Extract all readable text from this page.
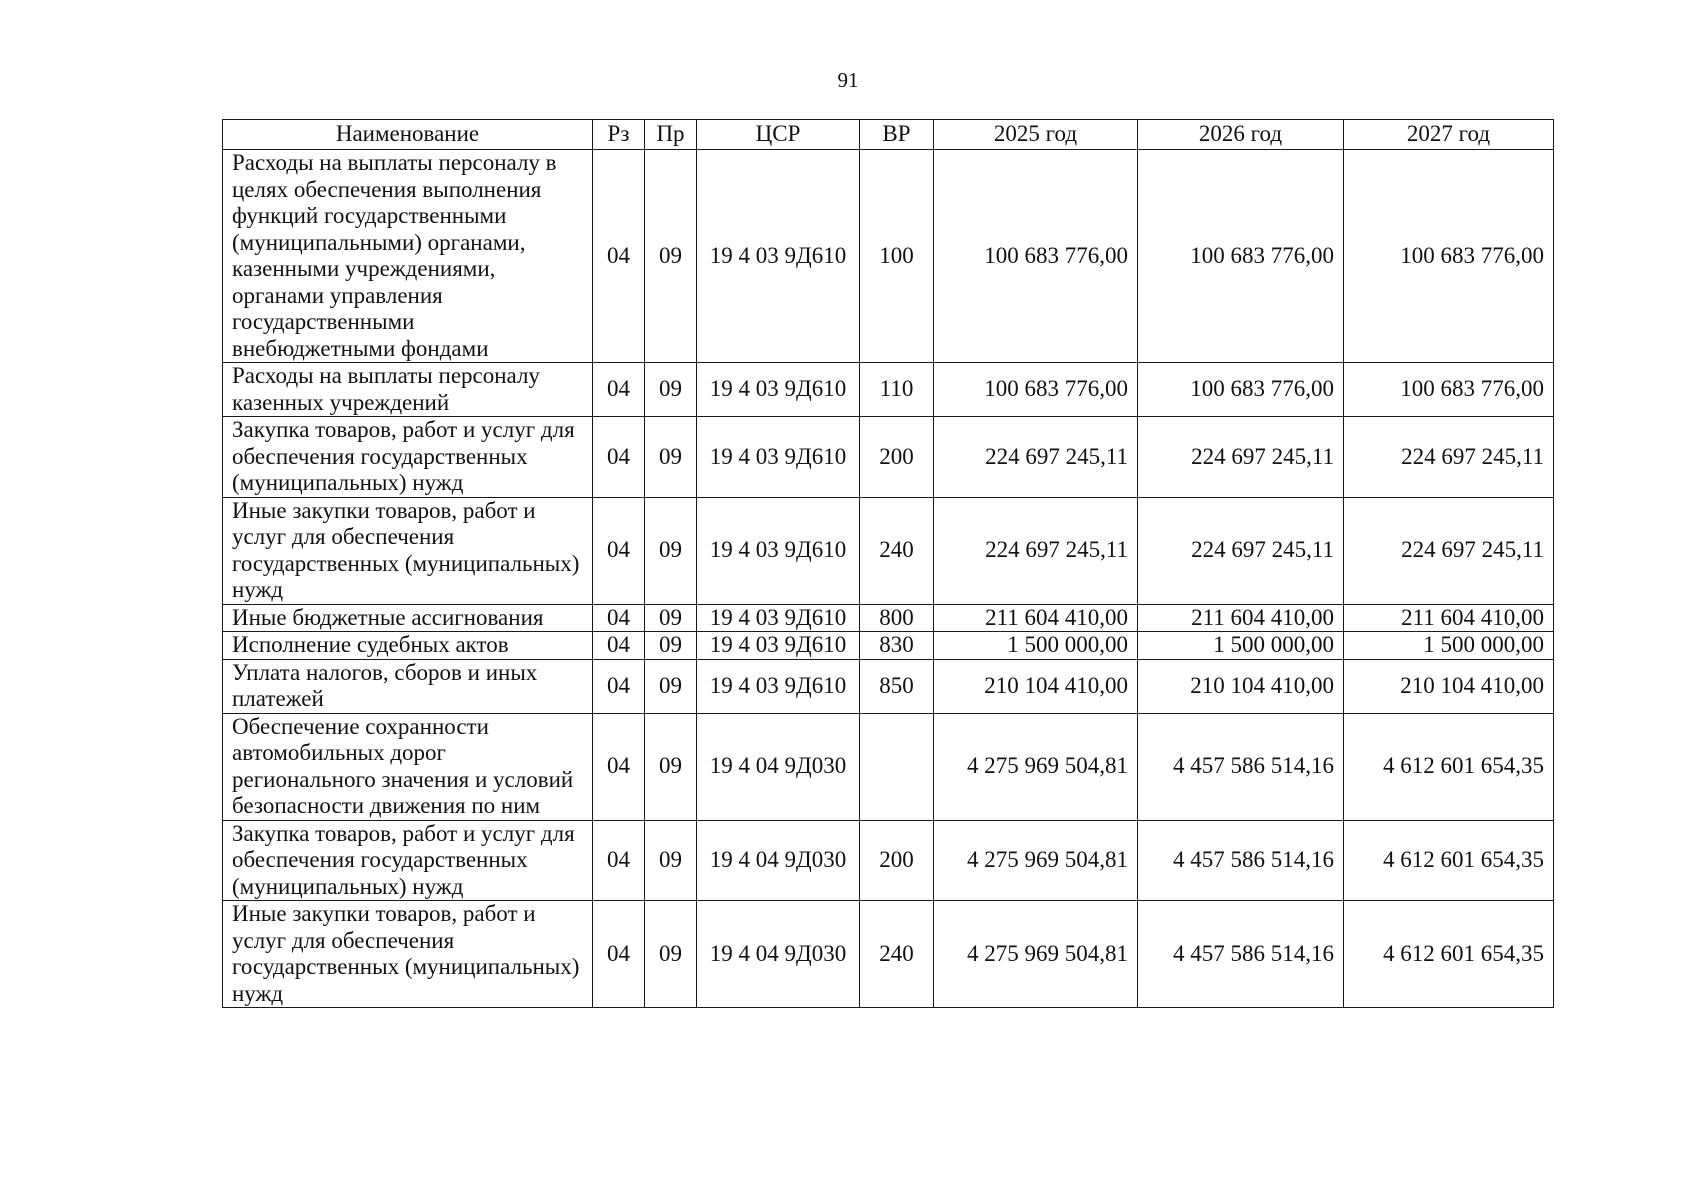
91
Наименование	Рз	Пр	ЦСР	ВР	2025 год	2026 год	2027 год
Расходы на выплаты персоналу в целях обеспечения выполнения функций государственными (муниципальными) органами, казенными учреждениями, органами управления государственными внебюджетными фондами	04	09	19 4 03 9Д610	100	100 683 776,00	100 683 776,00	100 683 776,00
Расходы на выплаты персоналу казенных учреждений	04	09	19 4 03 9Д610	110	100 683 776,00	100 683 776,00	100 683 776,00
Закупка товаров, работ и услуг для обеспечения государственных (муниципальных) нужд	04	09	19 4 03 9Д610	200	224 697 245,11	224 697 245,11	224 697 245,11
Иные закупки товаров, работ и услуг для обеспечения государственных (муниципальных) нужд	04	09	19 4 03 9Д610	240	224 697 245,11	224 697 245,11	224 697 245,11
Иные бюджетные ассигнования	04	09	19 4 03 9Д610	800	211 604 410,00	211 604 410,00	211 604 410,00
Исполнение судебных актов	04	09	19 4 03 9Д610	830	1 500 000,00	1 500 000,00	1 500 000,00
Уплата налогов, сборов и иных платежей	04	09	19 4 03 9Д610	850	210 104 410,00	210 104 410,00	210 104 410,00
Обеспечение сохранности автомобильных дорог регионального значения и условий безопасности движения по ним	04	09	19 4 04 9Д030		4 275 969 504,81	4 457 586 514,16	4 612 601 654,35
Закупка товаров, работ и услуг для обеспечения государственных (муниципальных) нужд	04	09	19 4 04 9Д030	200	4 275 969 504,81	4 457 586 514,16	4 612 601 654,35
Иные закупки товаров, работ и услуг для обеспечения государственных (муниципальных) нужд	04	09	19 4 04 9Д030	240	4 275 969 504,81	4 457 586 514,16	4 612 601 654,35
